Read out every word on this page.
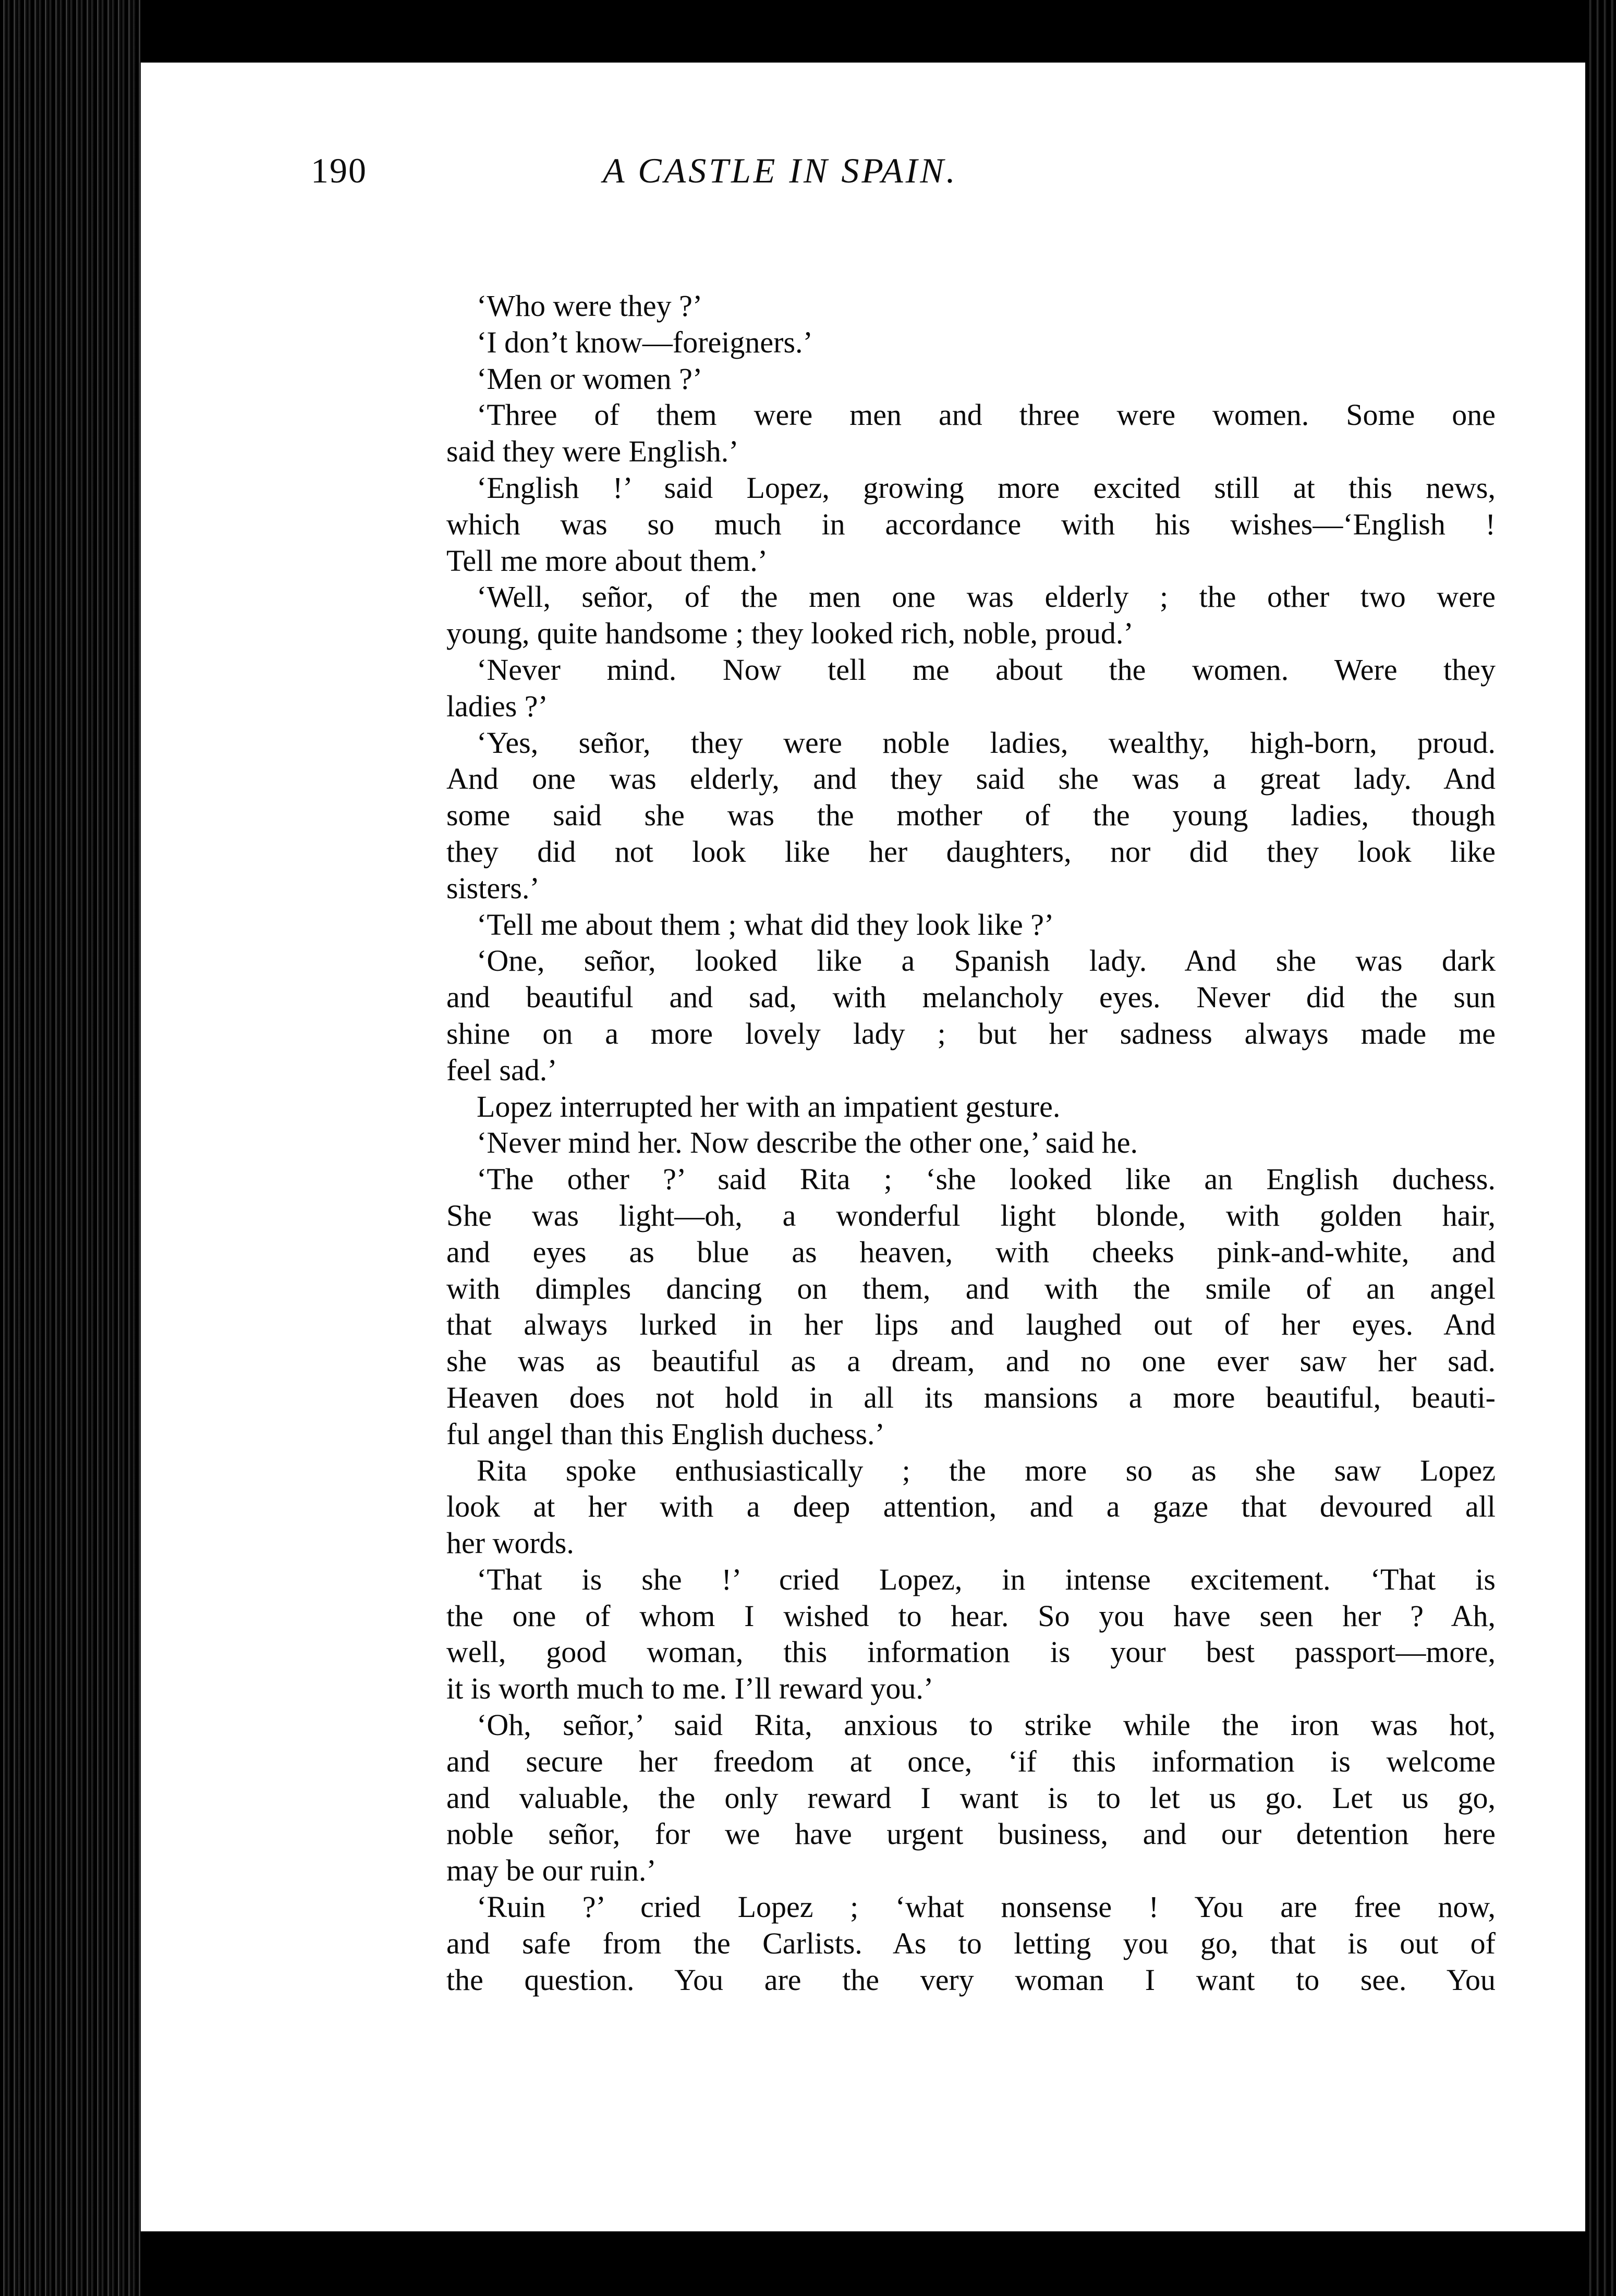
190	A CASTLE IN SPAIN.
‘Who were they ?’
‘I don’t know—foreigners.’
‘Men or women ?’
‘Three of them were men and three were women. Some one
said they were English.’
‘English !’ said Lopez, growing more excited still at this news,
which was so much in accordance with his wishes—‘English !
Tell me more about them.’
‘Well, señor, of the men one was elderly ; the other two were
young, quite handsome ; they looked rich, noble, proud.’
‘Never mind. Now tell me about the women. Were they
ladies ?’
‘Yes, señor, they were noble ladies, wealthy, high-born, proud.
And one was elderly, and they said she was a great lady. And
some said she was the mother of the young ladies, though
they did not look like her daughters, nor did they look like
sisters.’
‘Tell me about them ; what did they look like ?’
‘One, señor, looked like a Spanish lady. And she was dark
and beautiful and sad, with melancholy eyes. Never did the sun
shine on a more lovely lady ; but her sadness always made me
feel sad.’
Lopez interrupted her with an impatient gesture.
‘Never mind her. Now describe the other one,’ said he.
‘The other ?’ said Rita ; ‘she looked like an English duchess.
She was light—oh, a wonderful light blonde, with golden hair,
and eyes as blue as heaven, with cheeks pink-and-white, and
with dimples dancing on them, and with the smile of an angel
that always lurked in her lips and laughed out of her eyes. And
she was as beautiful as a dream, and no one ever saw her sad.
Heaven does not hold in all its mansions a more beautiful, beauti-
ful angel than this English duchess.’
Rita spoke enthusiastically ; the more so as she saw Lopez
look at her with a deep attention, and a gaze that devoured all
her words.
‘That is she !’ cried Lopez, in intense excitement. ‘That is
the one of whom I wished to hear. So you have seen her ? Ah,
well, good woman, this information is your best passport—more,
it is worth much to me. I’ll reward you.’
‘Oh, señor,’ said Rita, anxious to strike while the iron was hot,
and secure her freedom at once, ‘if this information is welcome
and valuable, the only reward I want is to let us go. Let us go,
noble señor, for we have urgent business, and our detention here
may be our ruin.’
‘Ruin ?’ cried Lopez ; ‘what nonsense ! You are free now,
and safe from the Carlists. As to letting you go, that is out of
the question. You are the very woman I want to see. You
